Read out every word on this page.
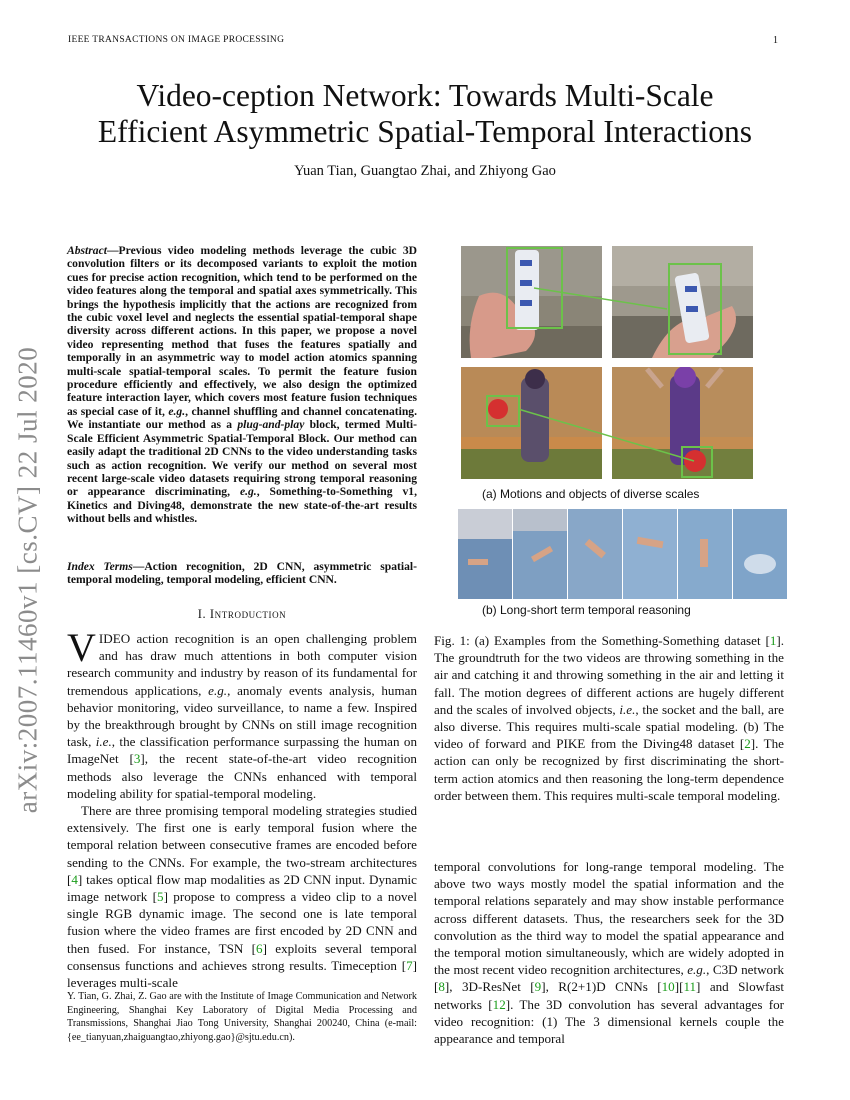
IEEE TRANSACTIONS ON IMAGE PROCESSING	1
arXiv:2007.11460v1 [cs.CV] 22 Jul 2020
Video-ception Network: Towards Multi-Scale
Efficient Asymmetric Spatial-Temporal Interactions
Yuan Tian, Guangtao Zhai, and Zhiyong Gao
Abstract—Previous video modeling methods leverage the cubic 3D convolution filters or its decomposed variants to exploit the motion cues for precise action recognition, which tend to be performed on the video features along the temporal and spatial axes symmetrically. This brings the hypothesis implicitly that the actions are recognized from the cubic voxel level and neglects the essential spatial-temporal shape diversity across different actions. In this paper, we propose a novel video representing method that fuses the features spatially and temporally in an asymmetric way to model action atomics spanning multi-scale spatial-temporal scales. To permit the feature fusion procedure efficiently and effectively, we also design the optimized feature interaction layer, which covers most feature fusion techniques as special case of it, e.g., channel shuffling and channel concatenating. We instantiate our method as a plug-and-play block, termed Multi-Scale Efficient Asymmetric Spatial-Temporal Block. Our method can easily adapt the traditional 2D CNNs to the video understanding tasks such as action recognition. We verify our method on several most recent large-scale video datasets requiring strong temporal reasoning or appearance discriminating, e.g., Something-to-Something v1, Kinetics and Diving48, demonstrate the new state-of-the-art results without bells and whistles.
Index Terms—Action recognition, 2D CNN, asymmetric spatial-temporal modeling, temporal modeling, efficient CNN.
I. Introduction

VIDEO action recognition is an open challenging problem and has draw much attentions in both computer vision research community and industry by reason of its fundamental for tremendous applications, e.g., anomaly events analysis, human behavior monitoring, video surveillance, to name a few. Inspired by the breakthrough brought by CNNs on still image recognition task, i.e., the classification performance surpassing the human on ImageNet [3], the recent state-of-the-art video recognition methods also leverage the CNNs enhanced with temporal modeling ability for spatial-temporal modeling.

There are three promising temporal modeling strategies studied extensively. The first one is early temporal fusion where the temporal relation between consecutive frames are encoded before sending to the CNNs. For example, the two-stream architectures [4] takes optical flow map modalities as 2D CNN input. Dynamic image network [5] propose to compress a video clip to a novel single RGB dynamic image. The second one is late temporal fusion where the video frames are first encoded by 2D CNN and then fused. For instance, TSN [6] exploits several temporal consensus functions and achieves strong results. Timeception [7] leverages multi-scale

Y. Tian, G. Zhai, Z. Gao are with the Institute of Image Communication and Network Engineering, Shanghai Key Laboratory of Digital Media Processing and Transmissions, Shanghai Jiao Tong University, Shanghai 200240, China (e-mail: {ee_tianyuan,zhaiguangtao,zhiyong.gao}@sjtu.edu.cn).
(a) Motions and objects of diverse scales
(b) Long-short term temporal reasoning
Fig. 1: (a) Examples from the Something-Something dataset [1]. The groundtruth for the two videos are throwing something in the air and catching it and throwing something in the air and letting it fall. The motion degrees of different actions are hugely different and the scales of involved objects, i.e., the socket and the ball, are also diverse. This requires multi-scale spatial modeling. (b) The video of forward and PIKE from the Diving48 dataset [2]. The action can only be recognized by first discriminating the short-term action atomics and then reasoning the long-term dependence order between them. This requires multi-scale temporal modeling.
temporal convolutions for long-range temporal modeling. The above two ways mostly model the spatial information and the temporal relations separately and may show instable performance across different datasets. Thus, the researchers seek for the 3D convolution as the third way to model the spatial appearance and the temporal motion simultaneously, which are widely adopted in the most recent video recognition architectures, e.g., C3D network [8], 3D-ResNet [9], R(2+1)D CNNs [10][11] and Slowfast networks [12]. The 3D convolution has several advantages for video recognition: (1) The 3 dimensional kernels couple the appearance and temporal
